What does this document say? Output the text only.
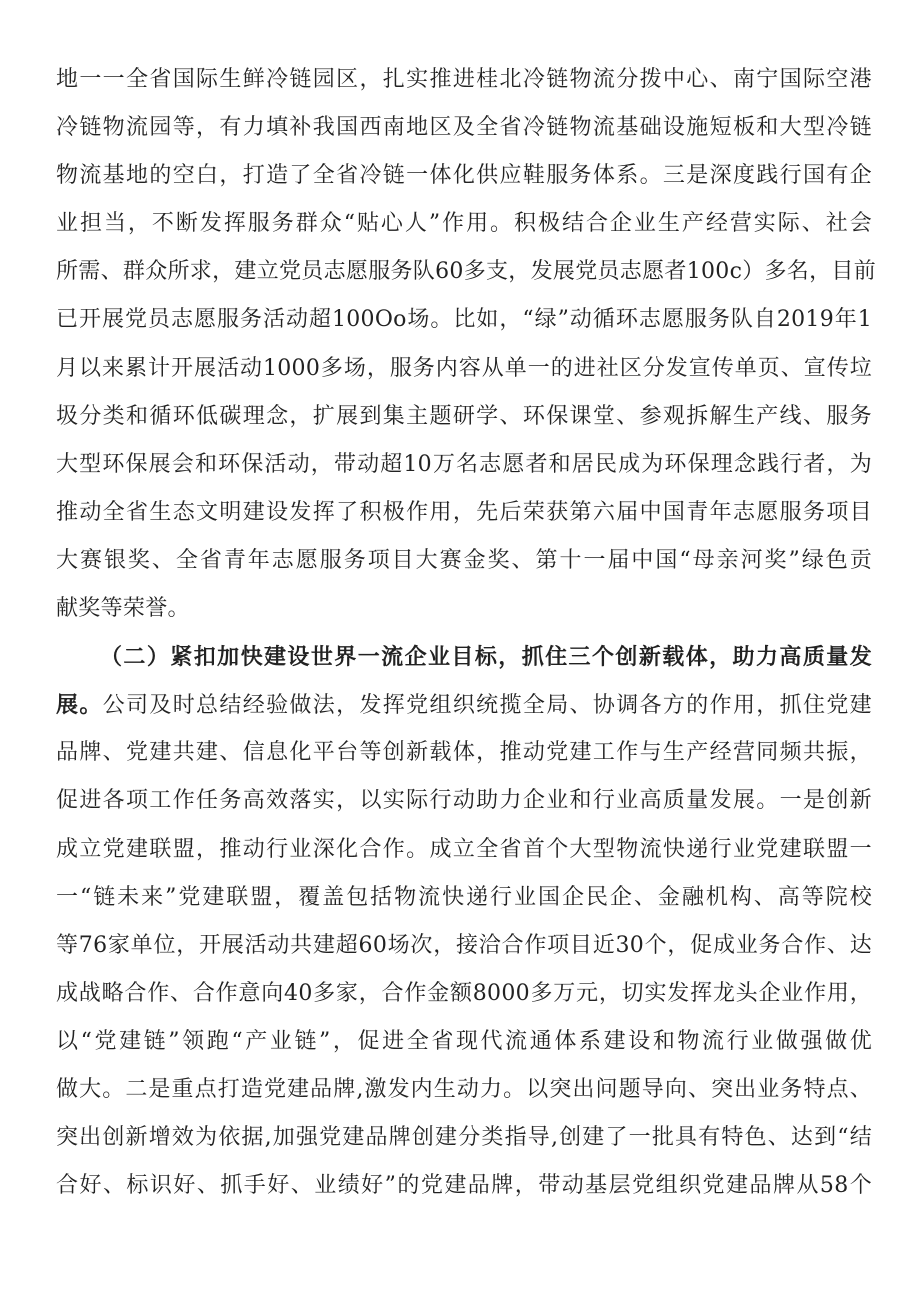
地一一全省国际生鲜冷链园区，扎实推进桂北冷链物流分拨中心、南宁国际空港
冷链物流园等，有力填补我国西南地区及全省冷链物流基础设施短板和大型冷链
物流基地的空白，打造了全省冷链一体化供应鞋服务体系。三是深度践行国有企
业担当，不断发挥服务群众“贴心人”作用。积极结合企业生产经营实际、社会
所需、群众所求，建立党员志愿服务队60多支，发展党员志愿者100c）多名，目前
已开展党员志愿服务活动超100Oo场。比如，“绿”动循环志愿服务队自2019年1
月以来累计开展活动1000多场，服务内容从单一的进社区分发宣传单页、宣传垃
圾分类和循环低碳理念，扩展到集主题研学、环保课堂、参观拆解生产线、服务
大型环保展会和环保活动，带动超10万名志愿者和居民成为环保理念践行者，为
推动全省生态文明建设发挥了积极作用，先后荣获第六届中国青年志愿服务项目
大赛银奖、全省青年志愿服务项目大赛金奖、第十一届中国“母亲河奖”绿色贡
献奖等荣誉。
（二）紧扣加快建设世界一流企业目标，抓住三个创新载体，助力高质量发
展。公司及时总结经验做法，发挥党组织统揽全局、协调各方的作用，抓住党建
品牌、党建共建、信息化平台等创新载体，推动党建工作与生产经营同频共振，
促进各项工作任务高效落实，以实际行动助力企业和行业高质量发展。一是创新
成立党建联盟，推动行业深化合作。成立全省首个大型物流快递行业党建联盟一
一“链未来”党建联盟，覆盖包括物流快递行业国企民企、金融机构、高等院校
等76家单位，开展活动共建超60场次，接洽合作项目近30个，促成业务合作、达
成战略合作、合作意向40多家，合作金额8000多万元，切实发挥龙头企业作用，
以“党建链”领跑“产业链”，促进全省现代流通体系建设和物流行业做强做优
做大。二是重点打造党建品牌,激发内生动力。以突出问题导向、突出业务特点、
突出创新增效为依据,加强党建品牌创建分类指导,创建了一批具有特色、达到“结
合好、标识好、抓手好、业绩好”的党建品牌，带动基层党组织党建品牌从58个
